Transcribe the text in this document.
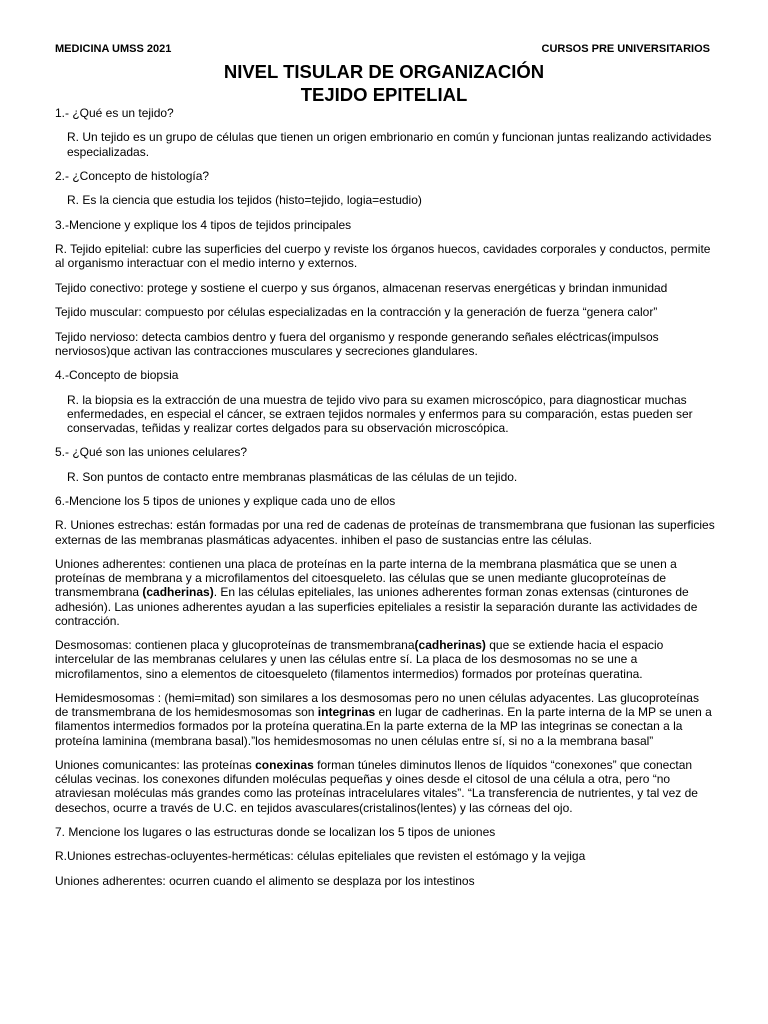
MEDICINA UMSS 2021	CURSOS PRE UNIVERSITARIOS
NIVEL TISULAR DE ORGANIZACIÓN
TEJIDO EPITELIAL

1.- ¿Qué es un tejido?

R. Un tejido es un grupo de células que tienen un origen embrionario en común y funcionan juntas realizando actividades especializadas.

2.- ¿Concepto de histología?

R. Es la ciencia que estudia los tejidos (histo=tejido, logia=estudio)

3.-Mencione y explique los 4 tipos de tejidos principales

R. Tejido epitelial: cubre las superficies del cuerpo y reviste los órganos huecos, cavidades corporales y conductos, permite al organismo interactuar con el medio interno y externos.

Tejido conectivo: protege y sostiene el cuerpo y sus órganos, almacenan reservas energéticas y brindan inmunidad

Tejido muscular: compuesto por células especializadas en la contracción y la generación de fuerza “genera calor”

Tejido nervioso: detecta cambios dentro y fuera del organismo y responde generando señales eléctricas(impulsos nerviosos)que activan las contracciones musculares y secreciones glandulares.

4.-Concepto de biopsia

R. la biopsia es la extracción de una muestra de tejido vivo para su examen microscópico, para diagnosticar muchas enfermedades, en especial el cáncer, se extraen tejidos normales y enfermos para su comparación, estas pueden ser conservadas, teñidas y realizar cortes delgados para su observación microscópica.

5.- ¿Qué son las uniones celulares?

R. Son puntos de contacto entre membranas plasmáticas de las células de un tejido.

6.-Mencione los 5 tipos de uniones y explique cada uno de ellos

R. Uniones estrechas: están formadas por una red de cadenas de proteínas de transmembrana que fusionan las superficies externas de las membranas plasmáticas adyacentes. inhiben el paso de sustancias entre las células.

Uniones adherentes: contienen una placa de proteínas en la parte interna de la membrana plasmática que se unen a proteínas de membrana y a microfilamentos del citoesqueleto. las células que se unen mediante glucoproteínas de transmembrana (cadherinas). En las células epiteliales, las uniones adherentes forman zonas extensas (cinturones de adhesión). Las uniones adherentes ayudan a las superficies epiteliales a resistir la separación durante las actividades de contracción.

Desmosomas: contienen placa y glucoproteínas de transmembrana(cadherinas) que se extiende hacia el espacio intercelular de las membranas celulares y unen las células entre sí. La placa de los desmosomas no se une a microfilamentos, sino a elementos de citoesqueleto (filamentos intermedios) formados por proteínas queratina.

Hemidesmosomas : (hemi=mitad) son similares a los desmosomas pero no unen células adyacentes. Las glucoproteínas de transmembrana de los hemidesmosomas son integrinas en lugar de cadherinas. En la parte interna de la MP se unen a filamentos intermedios formados por la proteína queratina.En la parte externa de la MP las integrinas se conectan a la proteína laminina (membrana basal).”los hemidesmosomas no unen células entre sí, si no a la membrana basal”

Uniones comunicantes: las proteínas conexinas forman túneles diminutos llenos de líquidos “conexones” que conectan células vecinas. los conexones difunden moléculas pequeñas y oines desde el citosol de una célula a otra, pero “no atraviesan moléculas más grandes como las proteínas intracelulares vitales”. “La transferencia de nutrientes, y tal vez de desechos, ocurre a través de U.C. en tejidos avasculares(cristalinos(lentes) y las córneas del ojo.

7. Mencione los lugares o las estructuras donde se localizan los 5 tipos de uniones

R.Uniones estrechas-ocluyentes-herméticas: células epiteliales que revisten el estómago y la vejiga

Uniones adherentes: ocurren cuando el alimento se desplaza por los intestinos
